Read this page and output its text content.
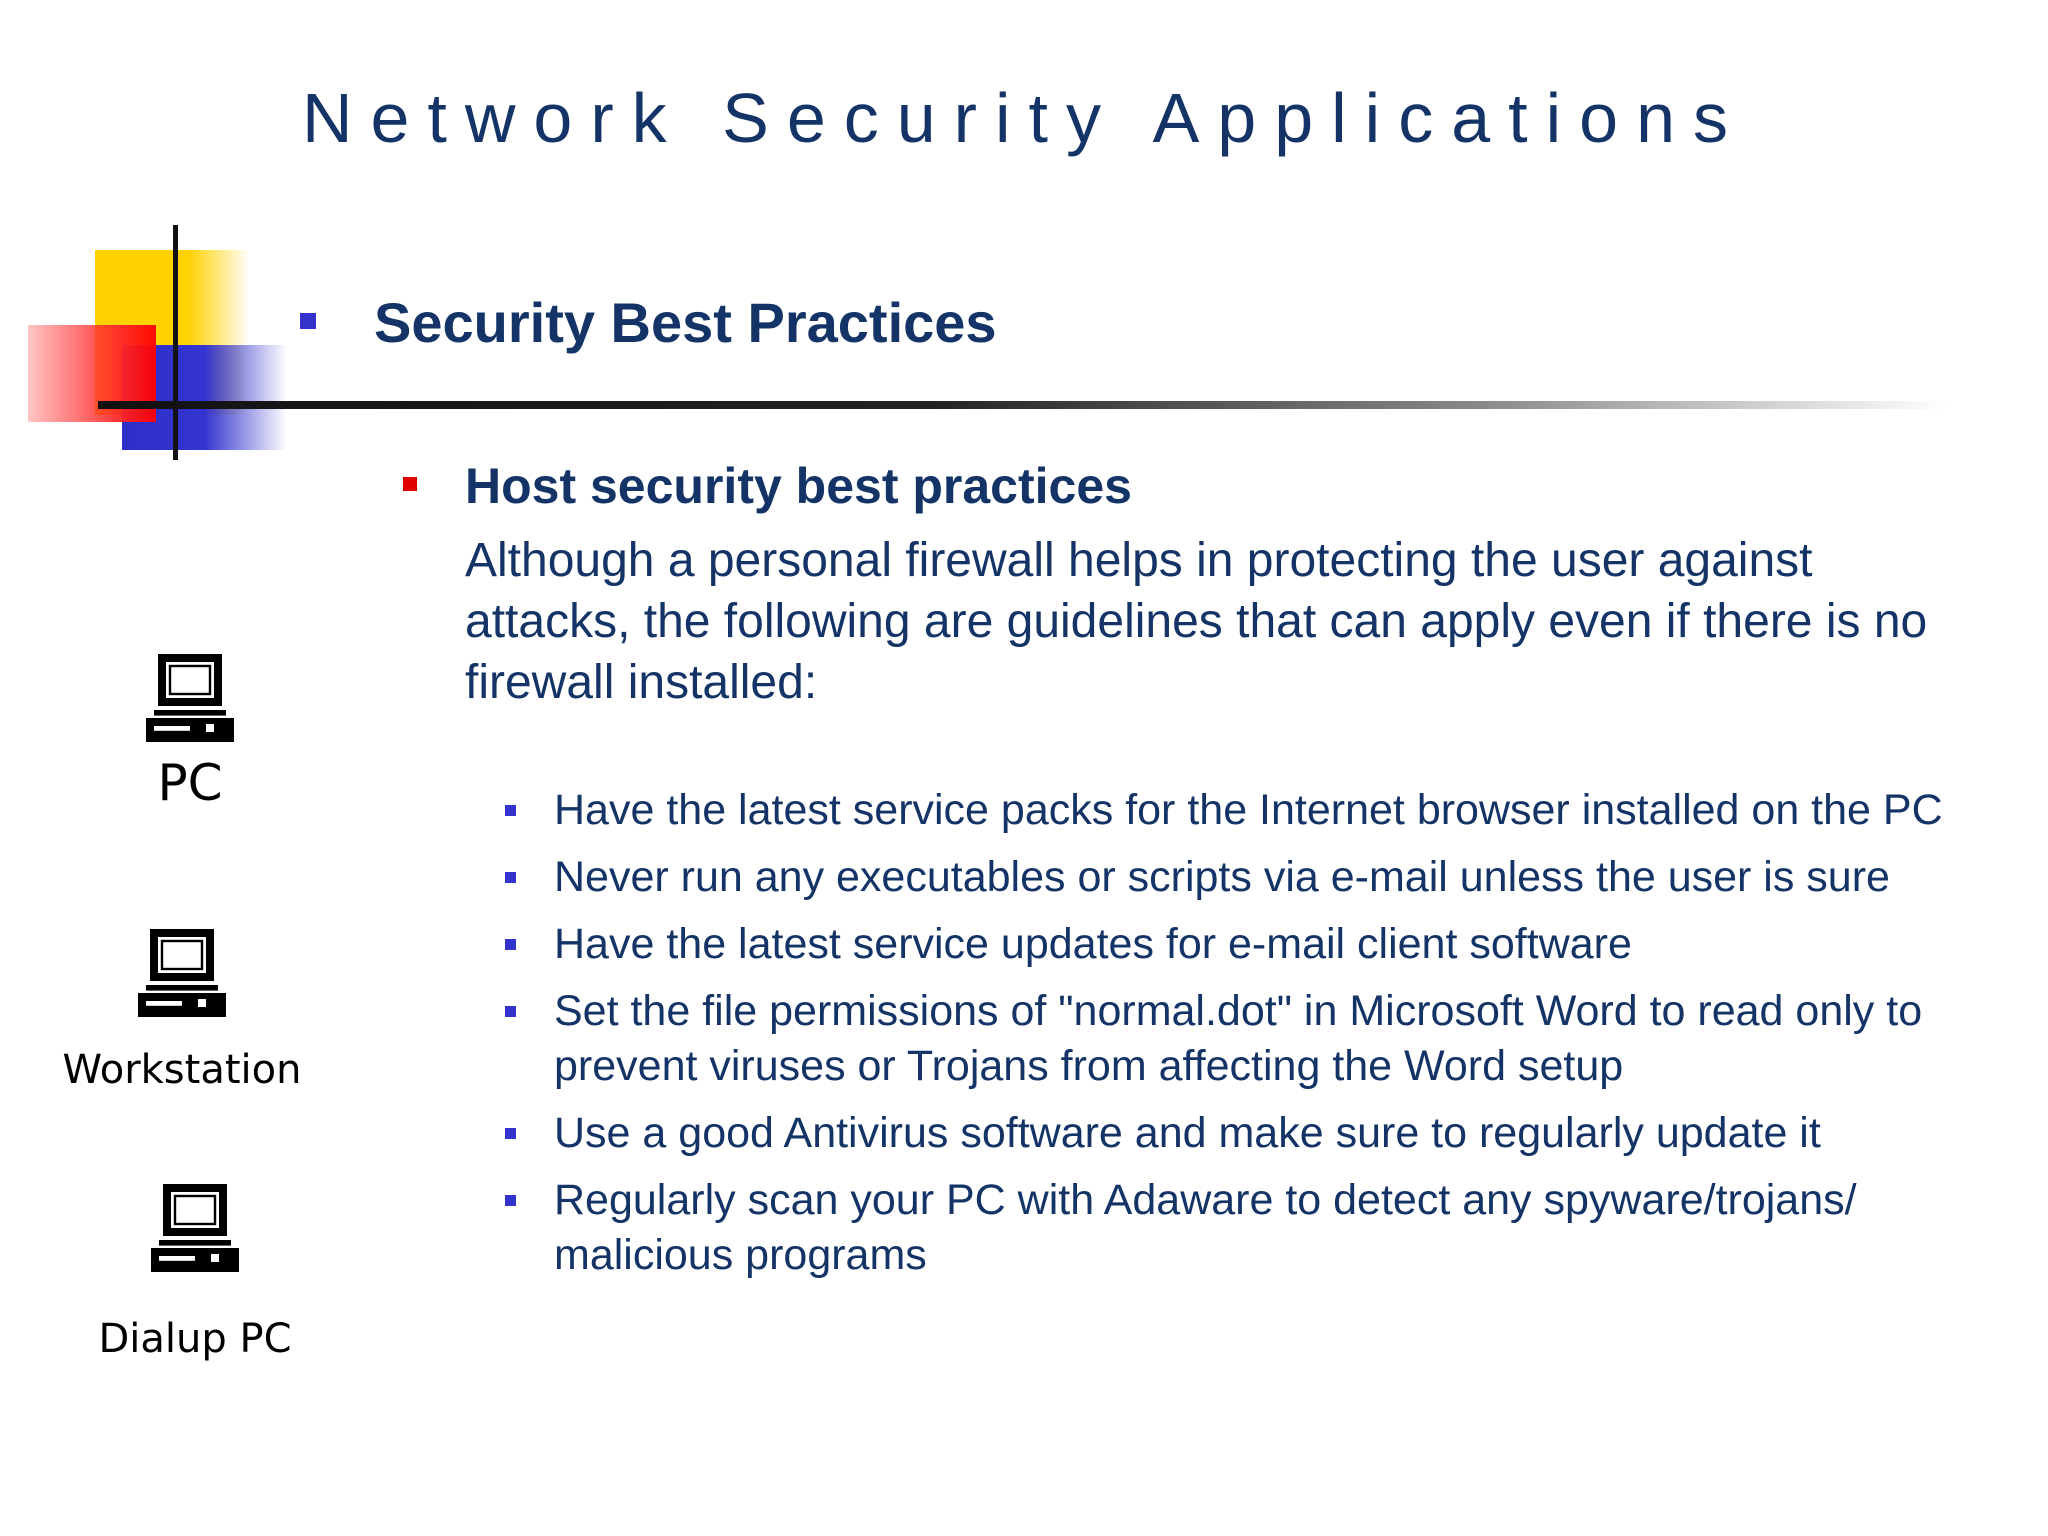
Network Security Applications
Security Best Practices
Host security best practices
Although a personal firewall helps in protecting the user against attacks, the following are guidelines that can apply even if there is no firewall installed:
Have the latest service packs for the Internet browser installed on the PC
Never run any executables or scripts via e-mail unless the user is sure
Have the latest service updates for e-mail client software
Set the file permissions of "normal.dot" in Microsoft Word to read only to prevent viruses or Trojans from affecting the Word setup
Use a good Antivirus software and make sure to regularly update it
Regularly scan your PC with Adaware to detect any spyware/trojans/ malicious programs
PC
Workstation
Dialup PC
